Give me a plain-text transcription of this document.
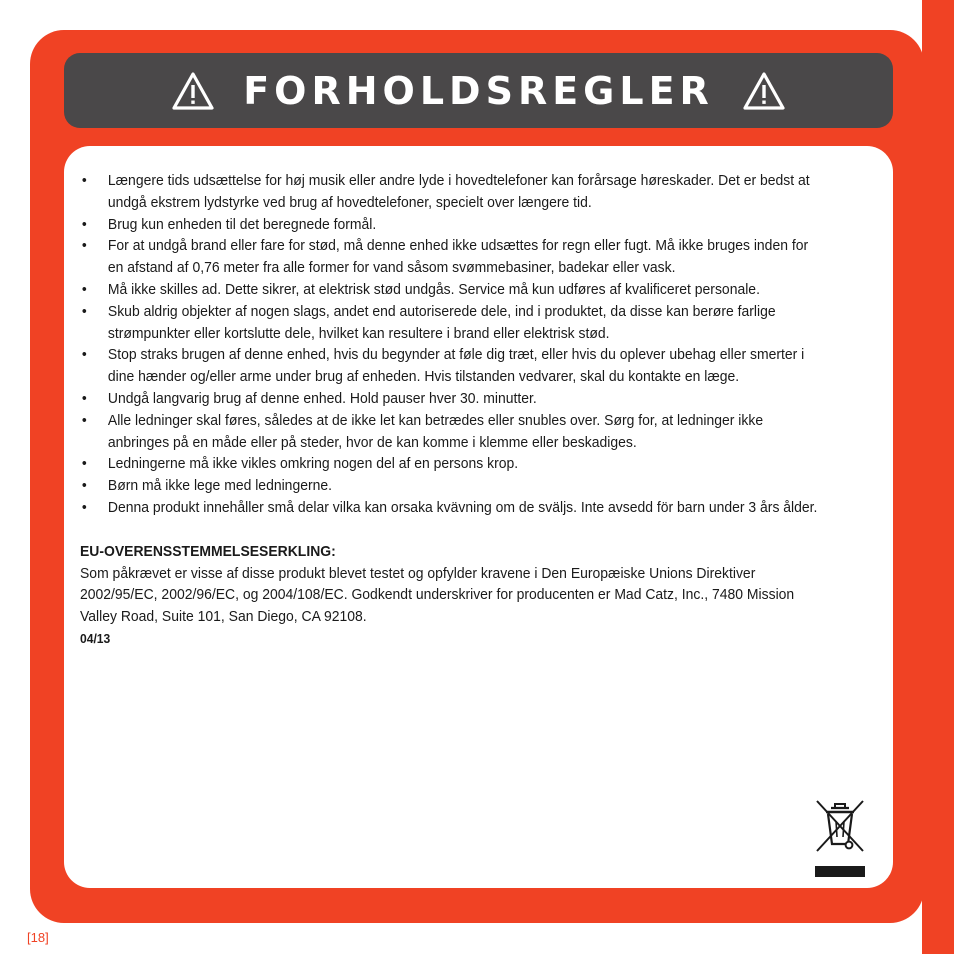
FORHOLDSREGLER
• Længere tids udsættelse for høj musik eller andre lyde i hovedtelefoner kan forårsage høreskader. Det er bedst at undgå ekstrem lydstyrke ved brug af hovedtelefoner, specielt over længere tid.
• Brug kun enheden til det beregnede formål.
• For at undgå brand eller fare for stød, må denne enhed ikke udsættes for regn eller fugt. Må ikke bruges inden for en afstand af 0,76 meter fra alle former for vand såsom svømmebasiner, badekar eller vask.
• Må ikke skilles ad. Dette sikrer, at elektrisk stød undgås. Service må kun udføres af kvalificeret personale.
• Skub aldrig objekter af nogen slags, andet end autoriserede dele, ind i produktet, da disse kan berøre farlige strømpunkter eller kortslutte dele, hvilket kan resultere i brand eller elektrisk stød.
• Stop straks brugen af denne enhed, hvis du begynder at føle dig træt, eller hvis du oplever ubehag eller smerter i dine hænder og/eller arme under brug af enheden. Hvis tilstanden vedvarer, skal du kontakte en læge.
• Undgå langvarig brug af denne enhed. Hold pauser hver 30. minutter.
• Alle ledninger skal føres, således at de ikke let kan betrædes eller snubles over. Sørg for, at ledninger ikke anbringes på en måde eller på steder, hvor de kan komme i klemme eller beskadiges.
• Ledningerne må ikke vikles omkring nogen del af en persons krop.
• Børn må ikke lege med ledningerne.
• Denna produkt innehåller små delar vilka kan orsaka kvävning om de sväljs. Inte avsedd för barn under 3 års ålder.
EU-OVERENSSTEMMELSESERKLING:
Som påkrævet er visse af disse produkt blevet testet og opfylder kravene i Den Europæiske Unions Direktiver 2002/95/EC, 2002/96/EC, og 2004/108/EC. Godkendt underskriver for producenten er Mad Catz, Inc., 7480 Mission Valley Road, Suite 101, San Diego, CA 92108.
04/13
[18]
